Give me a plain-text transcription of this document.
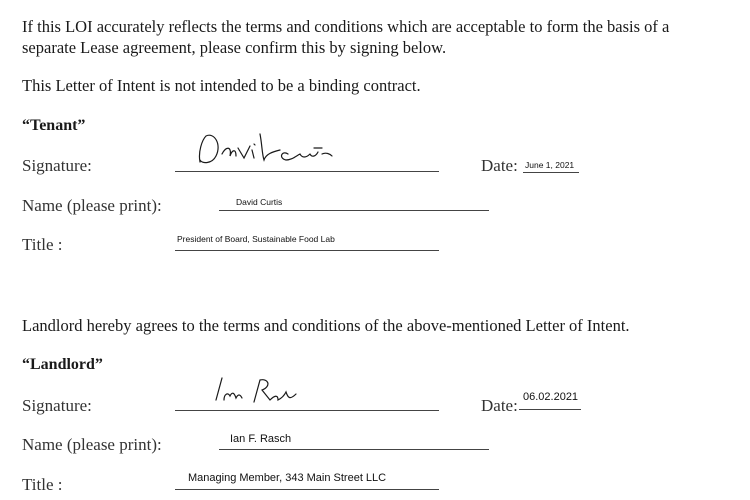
If this LOI accurately reflects the terms and conditions which are acceptable to form the basis of a
separate Lease agreement, please confirm this by signing below.
This Letter of Intent is not intended to be a binding contract.
“Tenant”
Signature:	Date: June 1, 2021
Name (please print):	David Curtis
Title :	President of Board, Sustainable Food Lab
Landlord hereby agrees to the terms and conditions of the above-mentioned Letter of Intent.
“Landlord”
Signature:	Date: 06.02.2021
Name (please print):	Ian F. Rasch
Title :	Managing Member, 343 Main Street LLC
